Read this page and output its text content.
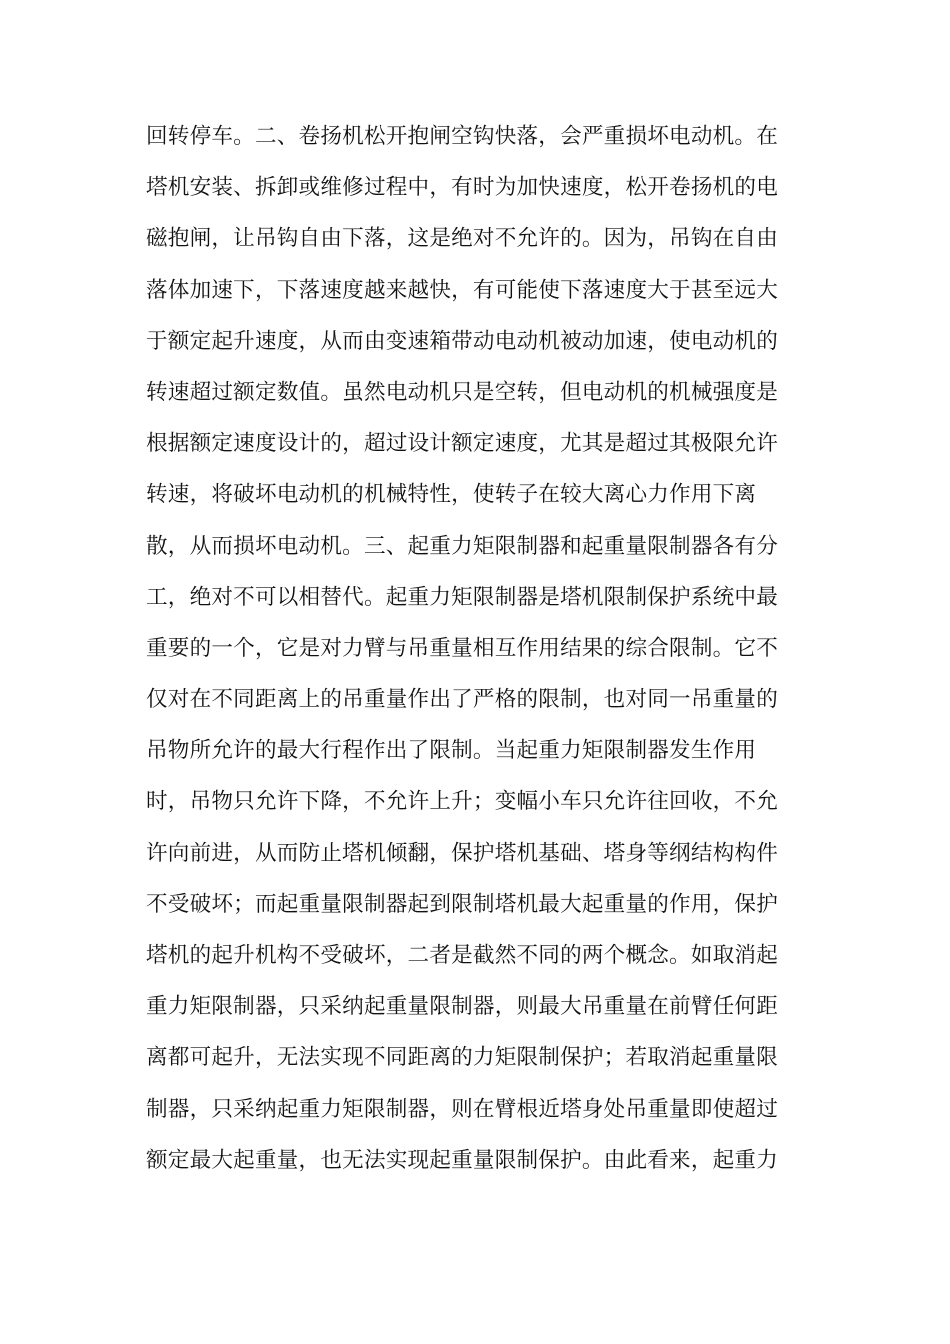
回转停车。二、卷扬机松开抱闸空钩快落，会严重损坏电动机。在
塔机安装、拆卸或维修过程中，有时为加快速度，松开卷扬机的电
磁抱闸，让吊钩自由下落，这是绝对不允许的。因为，吊钩在自由
落体加速下，下落速度越来越快，有可能使下落速度大于甚至远大
于额定起升速度，从而由变速箱带动电动机被动加速，使电动机的
转速超过额定数值。虽然电动机只是空转，但电动机的机械强度是
根据额定速度设计的，超过设计额定速度，尤其是超过其极限允许
转速，将破坏电动机的机械特性，使转子在较大离心力作用下离
散，从而损坏电动机。三、起重力矩限制器和起重量限制器各有分
工，绝对不可以相替代。起重力矩限制器是塔机限制保护系统中最
重要的一个，它是对力臂与吊重量相互作用结果的综合限制。它不
仅对在不同距离上的吊重量作出了严格的限制，也对同一吊重量的
吊物所允许的最大行程作出了限制。当起重力矩限制器发生作用
时，吊物只允许下降，不允许上升；变幅小车只允许往回收，不允
许向前进，从而防止塔机倾翻，保护塔机基础、塔身等纲结构构件
不受破坏；而起重量限制器起到限制塔机最大起重量的作用，保护
塔机的起升机构不受破坏，二者是截然不同的两个概念。如取消起
重力矩限制器，只采纳起重量限制器，则最大吊重量在前臂任何距
离都可起升，无法实现不同距离的力矩限制保护；若取消起重量限
制器，只采纳起重力矩限制器，则在臂根近塔身处吊重量即使超过
额定最大起重量，也无法实现起重量限制保护。由此看来，起重力
